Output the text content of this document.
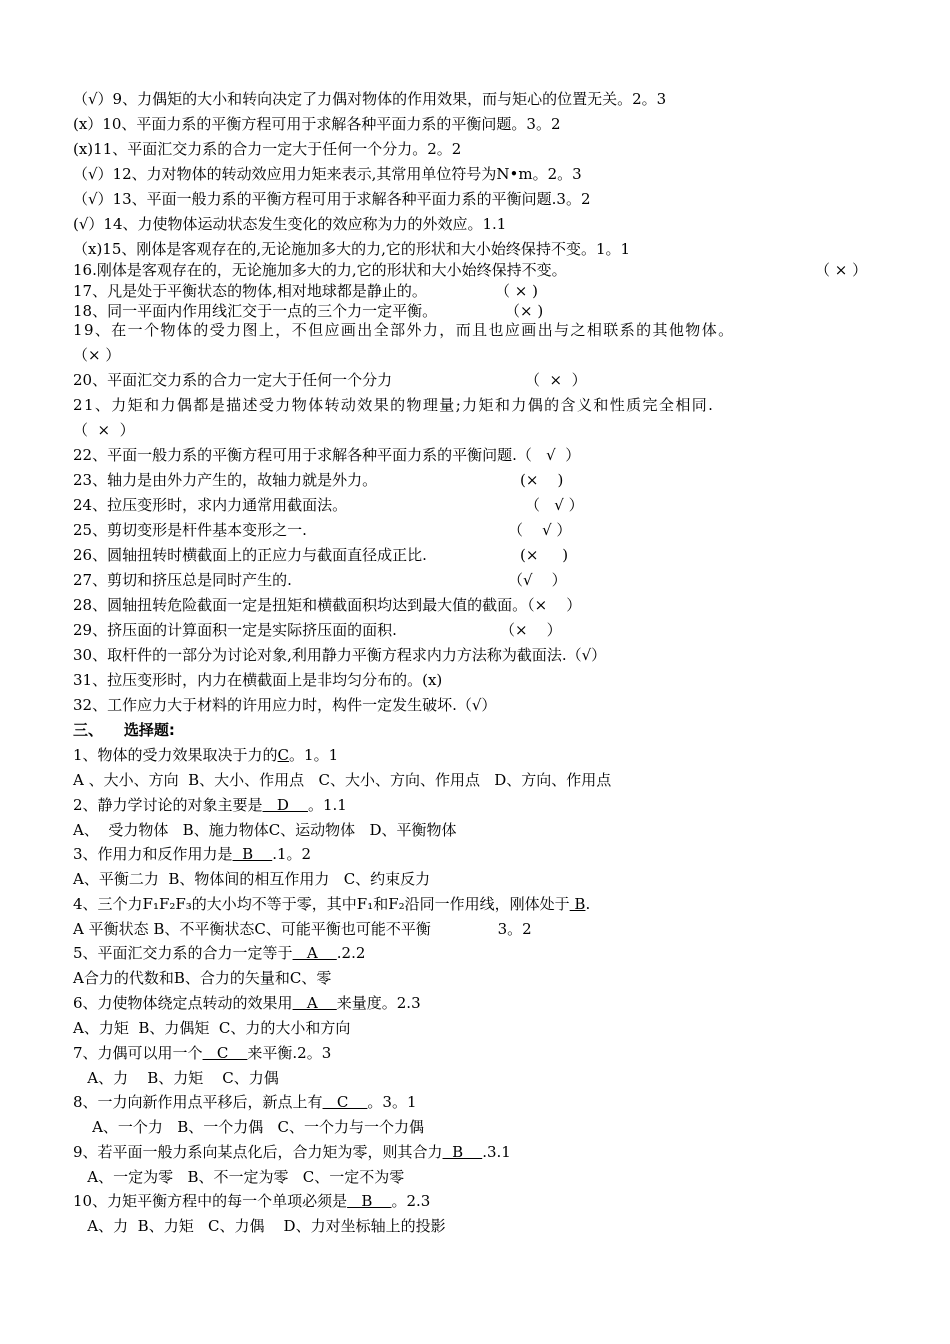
（√）9、力偶矩的大小和转向决定了力偶对物体的作用效果，而与矩心的位置无关。2。3
(x）10、平面力系的平衡方程可用于求解各种平面力系的平衡问题。3。2
(x)11、平面汇交力系的合力一定大于任何一个分力。2。2
（√）12、力对物体的转动效应用力矩来表示,其常用单位符号为N•m。2。3
（√）13、平面一般力系的平衡方程可用于求解各种平面力系的平衡问题.3。2
(√）14、力使物体运动状态发生变化的效应称为力的外效应。1.1
（x)15、刚体是客观存在的,无论施加多大的力,它的形状和大小始终保持不变。1。1
16.刚体是客观存在的，无论施加多大的力,它的形状和大小始终保持不变。	（ × ）
17、凡是处于平衡状态的物体,相对地球都是静止的。	（ × )
18、同一平面内作用线汇交于一点的三个力一定平衡。	（× )
19、在一个物体的受力图上，不但应画出全部外力，而且也应画出与之相联系的其他物体。
（× ）
20、平面汇交力系的合力一定大于任何一个分力	（  ×  ）
21、力矩和力偶都是描述受力物体转动效果的物理量;力矩和力偶的含义和性质完全相同.
（  ×  ）
22、平面一般力系的平衡方程可用于求解各种平面力系的平衡问题.（   √  ）
23、轴力是由外力产生的，故轴力就是外力。	(×    )
24、拉压变形时，求内力通常用截面法。	（   √ ）
25、剪切变形是杆件基本变形之一.	（    √ ）
26、圆轴扭转时横截面上的正应力与截面直径成正比.	(×     )
27、剪切和挤压总是同时产生的.	（√    ）
28、圆轴扭转危险截面一定是扭矩和横截面积均达到最大值的截面。（×    ）
29、挤压面的计算面积一定是实际挤压面的面积.	（×    ）
30、取杆件的一部分为讨论对象,利用静力平衡方程求内力方法称为截面法.（√）
31、拉压变形时，内力在横截面上是非均匀分布的。(x)
32、工作应力大于材料的许用应力时，构件一定发生破坏.（√）
三、    选择题:
1、物体的受力效果取决于力的C。1。1
A 、大小、方向  B、大小、作用点   C、大小、方向、作用点   D、方向、作用点
2、静力学讨论的对象主要是   D    。1.1
A、  受力物体   B、施力物体C、运动物体   D、平衡物体
3、作用力和反作用力是  B    .1。2
A、平衡二力  B、物体间的相互作用力   C、约束反力
4、三个力F₁F₂F₃的大小均不等于零，其中F₁和F₂沿同一作用线，刚体处于 B.
A 平衡状态 B、不平衡状态C、可能平衡也可能不平衡              3。2
5、平面汇交力系的合力一定等于   A    .2.2
A合力的代数和B、合力的矢量和C、零
6、力使物体绕定点转动的效果用   A    来量度。2.3
A、力矩  B、力偶矩  C、力的大小和方向
7、力偶可以用一个   C    来平衡.2。3
A、力    B、力矩    C、力偶
8、一力向新作用点平移后，新点上有   C    。3。1
A、一个力   B、一个力偶   C、一个力与一个力偶
9、若平面一般力系向某点化后，合力矩为零，则其合力  B    .3.1
A、一定为零   B、不一定为零   C、一定不为零
10、力矩平衡方程中的每一个单项必须是   B    。2.3
A、力  B、力矩   C、力偶    D、力对坐标轴上的投影
